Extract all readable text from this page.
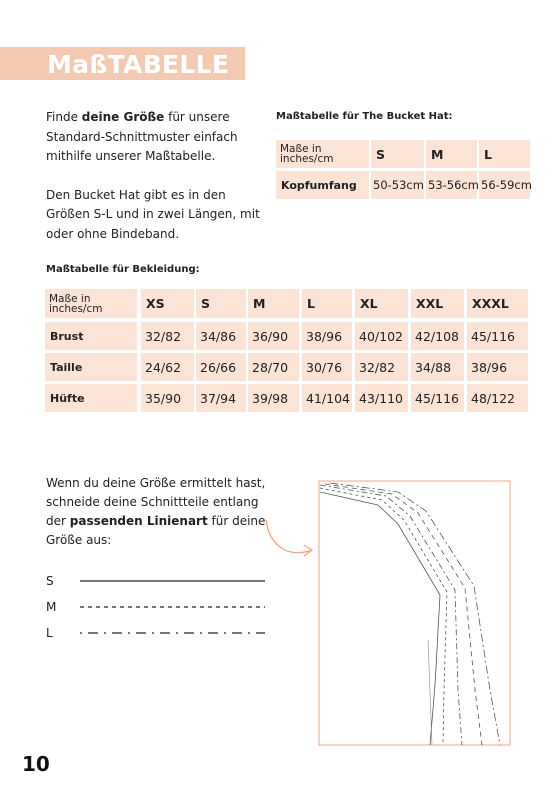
MaßTABELLE

Finde deine Größe für unsere Standard-Schnittmuster einfach mithilfe unserer Maßtabelle.

Den Bucket Hat gibt es in den Größen S-L und in zwei Längen, mit oder ohne Bindeband.

Maßtabelle für The Bucket Hat:
Maße in inches/cm	S	M	L
Kopfumfang	50-53cm 53-56cm 56-59cm
Maßtabelle für Bekleidung:
Maße in inches/cm	XS	S	M	L	XL	XXL	XXXL
Brust	32/82	34/86	36/90	38/96	40/102 42/108 45/116
Taille	24/62	26/66	28/70	30/76	32/82	34/88	38/96
Hüfte	35/90	37/94	39/98	41/104 43/110 45/116 48/122
Wenn du deine Größe ermittelt hast, schneide deine Schnittteile entlang der passenden Linienart für deine Größe aus:
S
M
L
10
